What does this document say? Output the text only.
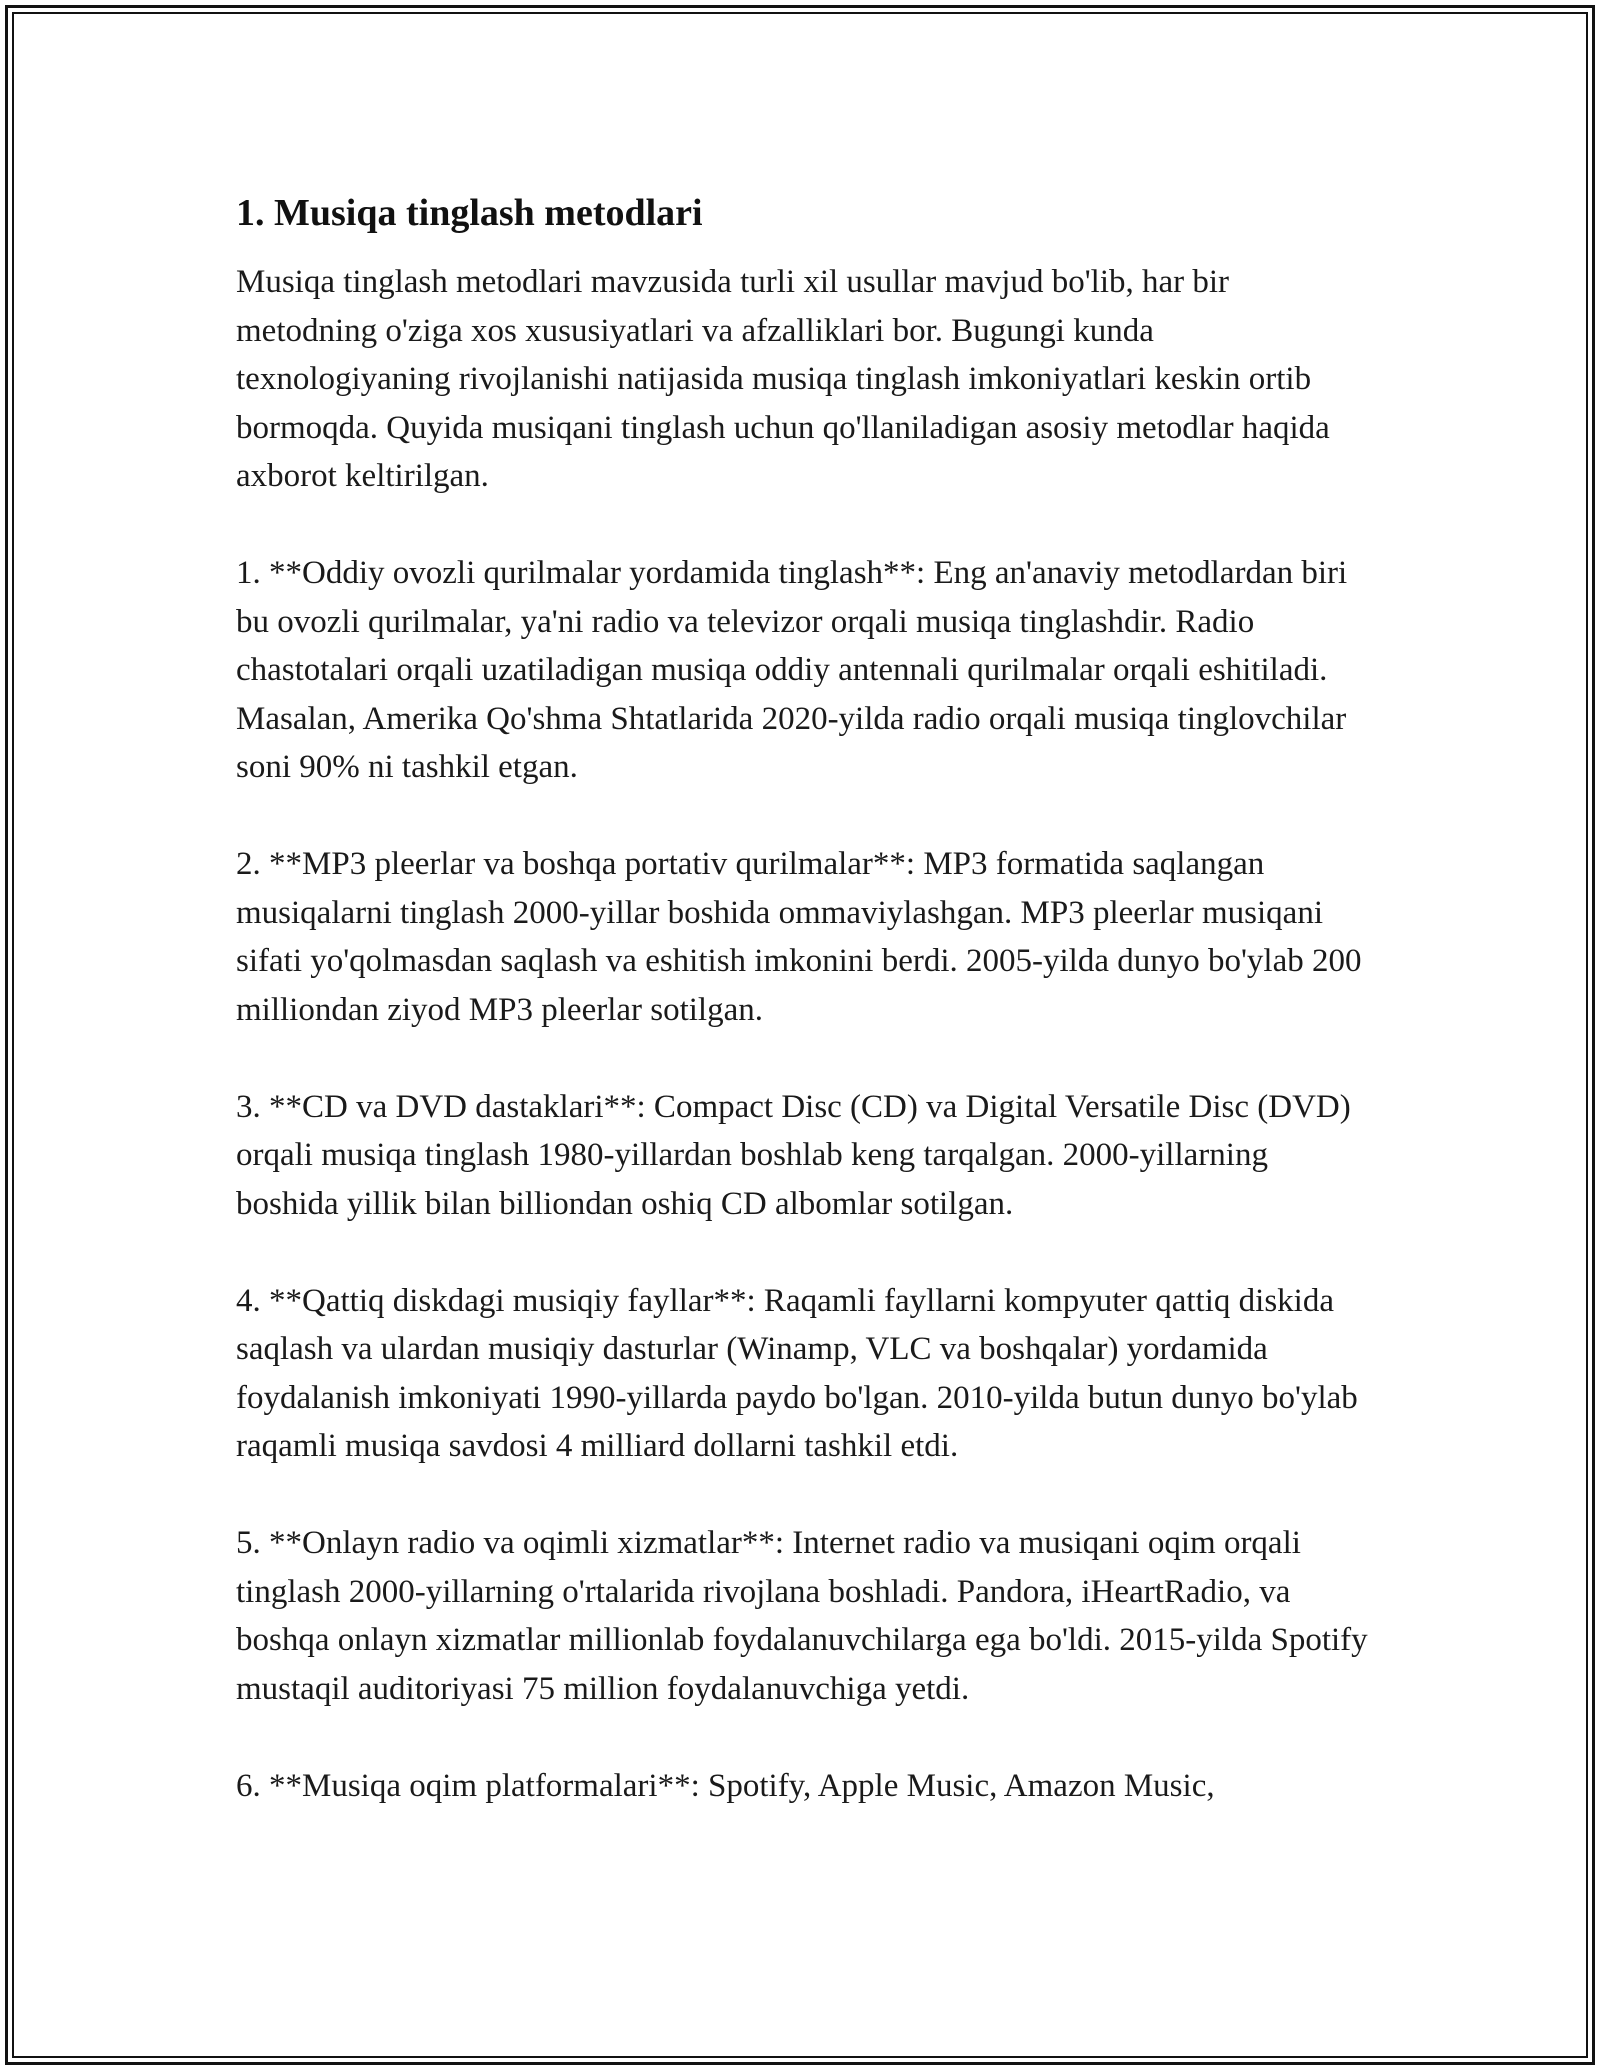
1. Musiqa tinglash metodlari

Musiqa tinglash metodlari mavzusida turli xil usullar mavjud bo'lib, har bir metodning o'ziga xos xususiyatlari va afzalliklari bor. Bugungi kunda texnologiyaning rivojlanishi natijasida musiqa tinglash imkoniyatlari keskin ortib bormoqda. Quyida musiqani tinglash uchun qo'llaniladigan asosiy metodlar haqida axborot keltirilgan.

1. **Oddiy ovozli qurilmalar yordamida tinglash**: Eng an'anaviy metodlardan biri bu ovozli qurilmalar, ya'ni radio va televizor orqali musiqa tinglashdir. Radio chastotalari orqali uzatiladigan musiqa oddiy antennali qurilmalar orqali eshitiladi. Masalan, Amerika Qo'shma Shtatlarida 2020-yilda radio orqali musiqa tinglovchilar soni 90% ni tashkil etgan.

2. **MP3 pleerlar va boshqa portativ qurilmalar**: MP3 formatida saqlangan musiqalarni tinglash 2000-yillar boshida ommaviylashgan. MP3 pleerlar musiqani sifati yo'qolmasdan saqlash va eshitish imkonini berdi. 2005-yilda dunyo bo'ylab 200 milliondan ziyod MP3 pleerlar sotilgan.

3. **CD va DVD dastaklari**: Compact Disc (CD) va Digital Versatile Disc (DVD) orqali musiqa tinglash 1980-yillardan boshlab keng tarqalgan. 2000-yillarning boshida yillik bilan billiondan oshiq CD albomlar sotilgan.

4. **Qattiq diskdagi musiqiy fayllar**: Raqamli fayllarni kompyuter qattiq diskida saqlash va ulardan musiqiy dasturlar (Winamp, VLC va boshqalar) yordamida foydalanish imkoniyati 1990-yillarda paydo bo'lgan. 2010-yilda butun dunyo bo'ylab raqamli musiqa savdosi 4 milliard dollarni tashkil etdi.

5. **Onlayn radio va oqimli xizmatlar**: Internet radio va musiqani oqim orqali tinglash 2000-yillarning o'rtalarida rivojlana boshladi. Pandora, iHeartRadio, va boshqa onlayn xizmatlar millionlab foydalanuvchilarga ega bo'ldi. 2015-yilda Spotify mustaqil auditoriyasi 75 million foydalanuvchiga yetdi.

6. **Musiqa oqim platformalari**: Spotify, Apple Music, Amazon Music,
